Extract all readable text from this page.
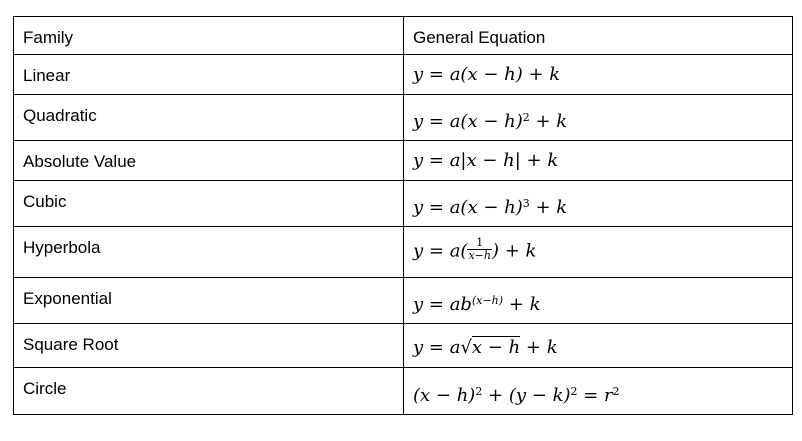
Family	General Equation
Linear	y = a(x − h) + k
Quadratic	$y = a(x - h)^2 + k$
Absolute Value	y = a|x − h| + k
Cubic	$y = a(x - h)^3 + k$
Hyperbola	$y = a( \frac{1}{x-h}$ ) + k
Exponential	$y = ab^{(x-h)} + k$
Square Root	y = a√x − h + k
Circle	$(x - h)^2 + (y - k)^2 = r^2$
